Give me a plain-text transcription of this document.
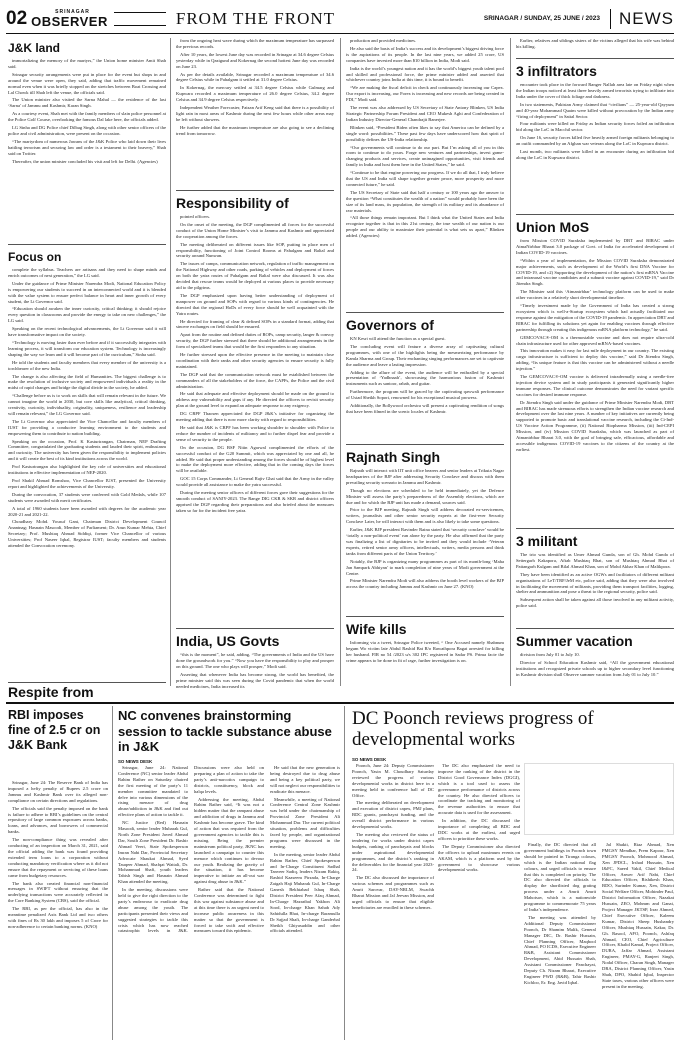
02	SRINAGAR
OBSERVER	FROM THE FRONT	SRINAGAR / SUNDAY, 25 JUNE / 2023	NEWS
J&K land

immortalizing the memory of the martyrs,” the Union home minister Amit Shah said.

Srinagar security arrangements were put in place for the event but shops in and around the venue were open, they said, adding that traffic movement remained normal even when it was briefly stopped on the stretches between Boat Crossing and Lal Chowk till Shah left the venue, the officials said.

The Union minister also visited the Sarna Mahal — the residence of the last ‘Sarna’ of Jammu and Kashmir, Karan Singh.

As a courtesy event, Shah met with the family members of slain police personnel at the Police Golf Course, overlooking the famous Dal lake here, the officials added.

LG Sinha and DG Police chief Dilbag Singh, along with other senior officers of the police and civil administration, were present on the occasion.

“The martyrdom of numerous Jawans of the J&K Police who laid down their lives battling terrorism and securing law and order is a testament to their bravery,” Shah said on Twitter.

Thereafter, the union minister concluded his visit and left for Delhi. (Agencies)

Focus on

complete the syllabus. Teachers are artisans and they need to shape minds and enrich outcomes of next generation,” the LG said.

Under the guidance of Prime Minister Narendra Modi, National Education Policy is empowering our students to succeed in an interconnected world and it is blended with the value system to ensure perfect balance in heart and inner growth of every student, the Lt Governor said.

“Education should awaken the inner curiosity, critical thinking; it should rejoice every question in classrooms and provide the energy to take on new challenges,” the LG said.

Speaking on the recent technological advancements, the Lt Governor said it will have transformative impact on the society.

“Technology is moving faster than ever before and if it successfully integrates with learning process, it will transform our education system. Technology is increasingly shaping the way we learn and it will become part of the curriculum,” Sinha said.

He told the students and faculty members that every member of the university is a torchbearer of the new India.

The change is also affecting the field of Humanities. The biggest challenge is to make the resolution of inclusive society and empowered individuals a reality in the midst of rapid changes and bridge the digital divide in the society, he added.

“Challenge before us is to work on skills that will remain relevant in the future. We cannot imagine the world in 2030, but core skills like analytical, critical thinking, creativity, curiosity, individuality, originality, uniqueness, resilience and leadership will remain relevant,” the LG Governor said.

The Lt Governor also appreciated the Vice Chancellor and faculty members of IUST for providing a conducive learning environment to the students and empowering them to contribute to nation building.

Speaking on the occasion, Prof. K Kasturirangan, Chairman, NEP Drafting Committee, congratulated the graduating students and lauded their spirit, enthusiasm and curiosity. The university has been given the responsibility to implement policies and it will create the best of its kind institutions across the world.

Prof Kasturirangan also highlighted the key role of universities and educational institutions in effective implementation of NEP-2020.

Prof Shakil Ahmad Romshoo, Vice Chancellor IUST, presented the University report and highlighted the achievements of the University.

During the convocation, 37 students were conferred with Gold Medals, while 107 students were awarded with merit certificates.

A total of 1960 students have been awarded with degrees for the academic year 2020-21 and 2021-22.

Choudhary Mohd. Yousuf Gani, Chairman District Development Council Anantnag; Hasnain Masoodi, Member of Parliament; Dr. Arun Kumar Mehta, Chief Secretary; Prof. Mushtaq Ahmad Siddiqi, former Vice Chancellor of various Universities; Prof Naseer Iqbal, Registrar IUST; faculty members and students attended the Convocation ceremony.

from the ongoing heat wave during which the maximum temperature has surpassed the previous records.

After 10 years, the lowest June day was recorded in Srinagar at 34.6 degree Celsius yesterday while in Qazigund and Kokernag the second hottest June day was recorded on June 23.

As per the details available, Srinagar recorded a maximum temperature of 34.6 degree Celsius while in Pahalgam it settled at 31.0 degree Celsius.

In Kokernag, the mercury settled at 34.5 degree Celsius while Gulmarg and Kupwara recorded a maximum temperature of 26.0 degree Celsius, 34.2 degree Celsius and 34.9 degree Celsius respectively.

Independent Weather Forecaster, Faizan Arif Keng said that there is a possibility of light rain in most areas of Kashmir during the next few hours while other areas may be left without showers.

He further added that the maximum temperature are also going to see a declining trend from tomorrow.

Responsibility of

pointed officers.

On the onset of the meeting, the DGP complimented all forces for the successful conduct of the Union Home Minister’s visit to Jammu and Kashmir and appreciated the cooperation among the forces.

The meeting deliberated on different issues like SOP, putting in place men of responsibility, functioning of Joint Control Rooms at Pahalgam and Baltal and security around Nunwan.

The issues of camps, communication network, regulation of traffic management on the National Highway and other roads, parking of vehicles and deployment of forces on both the yatra routes of Pahalgam and Baltal were also discussed. It was also decided that rescue teams would be deployed at various places to provide necessary aid to the pilgrims.

The DGP emphasized upon having better understanding of deployment of manpower on ground and SOPs with regard to various kinds of contingencies. He directed that the regional HoDs of every force should be well acquainted with the Yatra routes.

He directed for framing of clear & defined SOPs in a standard format, adding that sincere exchanges on field should be ensured.

Apart from the routine and defined duties of ROPs, camp security, langer & convoy security, the DGP further stressed that there should be additional arrangements in the form of specialized teams that would be the first responders to any situation.

He further stressed upon the effective presence in the meeting to maintain close coordination with their ranks and other security agencies to ensure security is fully maintained.

The DGP said that the communication network must be established between the commanders of all the stakeholders of the force, the CAPFs, the Police and the civil administration.

He said that adequate and effective deployment should be made on the ground to address any vulnerability and gaps if any. He directed the officers to revisit security plan at the ground level to expand an adequate response to any exigency.

DG CRPF Thaosen appreciated the DGP J&K’s initiative for organizing the meeting adding that there is now more clarity with regard to responsibilities.

He said that J&K is CRPF has been working shoulder to shoulder with Police to reduce the number of incidents of militancy and to further dispel fear and provide a sense of security to the people.

On the occasion, DG BSF Nitin Agarwal complimented the efforts of the successful conduct of the G20 Summit, which was appreciated by one and all, he added. He said that proper understanding among the forces should be of highest level to make the deployment more effective, adding that in the coming days the forces will be available.

GOC 15 Corps Commander, Lt General Rajiv Ghai said that the Army in the valley would provide all assistance to make the yatra successful.

During the meeting senior officers of different forces gave their suggestions for the smooth conduct of SANJY-2023. The Range DIG CKR & SKR and district officers apprised the DGP regarding their preparations and also briefed about the measures taken so far for the incident free yatra.

India, US Govts

“this is the moment”, he said, adding, “The governments of India and the US have done the groundwork for you.” “Now you have the responsibility to play and prosper on this ground. The one who plays will prosper,” Modi said.

Asserting that whenever India has become strong, the world has benefited, the prime minister said this was seen during the Covid pandemic that when the world needed medicines, India increased its

production and provided medicines.

He also said the basis of India’s success and its development’s biggest driving force is the aspirations of its people. In the last nine years, we added 25 crore, US companies have invested more than $10 billion in India, Modi said.

India is the world’s youngest nation and it has the world’s biggest youth talent pool and skilled and professional force, the prime minister added and asserted that whichever country joins India at this time, it is bound to benefit.

“We are making the fiscal deficit in check and continuously increasing our Capex. Our export is increasing, our Forex is increasing and new records are being created in FDI,” Modi said.

The event was also addressed by US Secretary of State Antony Blinken, US India Strategic Partnership Forum President and CEO Mukesh Aghi and Confederation of Indian Industry Director-General Chandrajit Banerjee.

Blinken said, “President Biden often likes to say that America can be defined by a single word: possibilities.” These past few days have underscored how that spirit of possibility defines the US-India relationship.

“Our governments will continue to do our part. But I’m asking all of you in this room to continue to do yours. Forge new ventures and partnerships, invest game-changing products and services, create unimagined opportunities, visit friends and family in India and host them here in the United States,” he said.

“Continue to be that engine powering our progress. If we do all that, I truly believe that the US and India will shape together greater peace, more prosperity and more connected future,” he said.

The US Secretary of State said that half a century or 100 years ago the answer to the question “What constitutes the wealth of a nation” would probably have been the size of its land mass, its population, the strength of its military and its abundance of raw materials.

“All those things remain important. But I think what the United States and India recognize together is that in this 21st century, the true wealth of our nation is our people and our ability to maximize their potential is what sets us apart,” Blinken added. (Agencies)

Governors of

KN Kesri will attend the function as a special guest.

The concluding event will feature a diverse array of captivating cultural programmes, with one of the highlights being the mesmerizing performance by Kamla Sharma and Group. Their enchanting singing performances are set to captivate the audience and leave a lasting impression.

Adding to the allure of the event, the audience will be enthralled by a special presentation of ‘Yadhnaah’, showcasing the harmonious fusion of Kashmiri instruments such as santoor, rabab, and guitar.

Furthermore, the program will be graced by the captivating qawwali performance of Ustad Sheikh Sopori, renowned for his exceptional musical prowess.

Additionally, the Bollywood orchestra will present a captivating rendition of songs that have been filmed in the scenic locales of Kashmir.

Rajnath Singh

Rajnath will interact with IIT unit office bearers and senior leaders at Trikuta Nagar headquarters of the BJP after addressing Security Conclave and discuss with them prevailing security scenario in Jammu and Kashmir.

Though no elections are scheduled to be held immediately, yet the Defence Minister will assess the party’s preparedness of the Assembly elections, which are due and for which the BJP unit has made a demand, sources said.

Prior to the BJP meeting, Rajnath Singh will address decorated ex-servicemen, writers, journalists and other senior security experts at the first-ever Security Conclave Later, he will interact with them and is also likely to take some questions.

Earlier, J&K BJP president Ravinder Raina stated that ‘security conclave’ would be ‘totally a non-political event’ run alone by the party. He also affirmed that the party was finalizing a list of dignitaries to be invited and they would include ‘Veteran experts, retired senior army officers, intellectuals, writers, media persons and think tanks from different parts of the Union Territory.’

Notably, the BJP is organizing many programmes as part of its month-long ‘Maha Jan Sampark Abhiyan’ to mark completion of nine years of Modi government at the Centre.

Prime Minister Narendra Modi will also address the booth level workers of the BJP across the country including Jammu and Kashmir on June 27. (KNO)

Wife kills

Informing via a tweet, Srinagar Police tweeted, “ One Accused namely Shabnum begum Wo victim late Abdul Rashid Bat R/o Rawathpora Bagat arrested for killing her husband. FIR no 54 /2023 u/s 302 IPC registered in Sadar PS. Prima facie the crime appears to be done in fit of rage, further investigation is on.

Earlier, relatives and siblings sisters of the victims alleged that his wife was behind his killing.

3 infiltrators

encounter took place in the forward Ranger Nallah area late on Friday night when the Indian troops noticed at least three heavily armed terrorists trying to infiltrate into India under the cover of thick foliage and darkness.

In two statements, Pakistan Army claimed that “civilians” — 25-year-old Qayyum and 40-year Mohammad Quaim were killed without provocation by the Indian army “firing of deployment” in Sattal Sector.

Four militants were killed on Friday as Indian security forces foiled an infiltration bid along the LoC in Macchil sector.

On June 16, security forces killed five heavily armed foreign militants belonging to an outfit commanded by an Afghan war veteran along the LoC in Kupwara district.

Last month, two militants were killed in an encounter during an infiltration bid along the LoC in Kupwara district.

Union MoS

from Mission COVID Suraksha implemented by DBT and BIRAC under AtmaNirbhar Bharat 3.0 package of Govt. of India for accelerated development of Indian COVID-19 vaccines.

“Within a year of implementation, the Mission COVID Suraksha demonstrated major achievements, such as development of the World’s first DNA Vaccine for COVID-19, and c2) Supporting the development of the nation’s first mRNA Vaccine and intranasal vaccine candidates and a subunit vaccine against COVID-19,” said Dr Jitendra Singh.

The Minister said this ‘Atmanirbhar’ technology platform can be used to make other vaccines in a relatively short developmental timeline.

“Timely investment made by the Government of India has created a strong ecosystem which is well-a-Startup ecosystem which had actually facilitated our response against the mitigation of the COVID-19 pandemic. In appreciation DBT and BIRAC for fulfilling its solutions yet again for enabling vaccines through effective partnership through creating this indigenous mRNA platform technology,” he said.

GEMCOVAC®-OM is a thermostable vaccine and does not require ultra-cold chain infrastructure used for other approved mRNA-based vaccines.

This innovation makes it easy for last mile deployment in our country. The existing cargo infrastructure is sufficient to deploy this vaccine,” said Dr Jitendra Singh, adding, “Its unique feature is that this vaccine can be administered without a needle injection.”

The GEMCOVAC®-OM vaccine is delivered intradermally using a needle-free injection device system and in study participants it generated significantly higher immune responses. The clinical outcome demonstrates the need for variant specific vaccines for desired immune response.

Dr Jitendra Singh said under the guidance of Prime Minister Narendra Modi, DBT and BIRAC has made strenuous efforts to strengthen the Indian vaccine research and development over the last nine years. A number of key initiatives are currently being supported to promote basic and translational vaccine research, including the Ci-Ind-US Vaccine Action Programme, (ii) National Biopharma Mission, (iii) Ind-CEPI Mission, and (iv) Mission COVID Suraksha, which was launched as part of Atmanirbhar Bharat 3.0, with the goal of bringing safe, efficacious, affordable and accessible indigenous COVID-19 vaccines to the citizens of the country at the earliest.

3 militant

The trio was identified as Umer Ahmad Gunda, son of Gh. Mohd Gunda of Settergarh Kakapora, Aftab Mushtaq Bhat, son of Mushtaq Ahmad Bhat of Pattangarh Kulgam and Bilal Ahmad Khan, son of Mohd Akbar Khan of Malikpora.

They have been identified as an active OGWs and facilitators of different militant organisations of LeT/TRF/JeM etc, police said, adding that they were also involved in facilitating the movement of militants, providing them transport facilities, logging, shelter and ammunition and pose a threat to the regional security, police said.

Subsequent action shall be taken against all those involved in any militant activity, police said.

Summer vacation

division from July 01 to July 10.

Director of School Education Kashmir said, “All the government educational institutions and recognized private schools up to higher secondary level functioning in Kashmir division shall Observe summer vacation from July 01 to July 10.”

Respite from
RBI imposes fine of 2.5 cr on J&K Bank

Srinagar, June 24: The Reserve Bank of India has imposed a hefty penalty of Rupees 2.5 crore on Jammu and Kashmir Bank over its alleged non-compliance on certain directions and regulations.

The officials said the penalty imposed on the bank is failure to adhere to RBI’s guidelines on the central repository of large common exposures across banks, loans, and advances, and borrowers of commercial banks.

The non-compliance thing was revealed after conducting of an inspection on March 31, 2021, said the official adding the bank was found providing extended term loans to a corporation without conducting mandatory verification where as it did not ensure that the repayment or servicing of these loans came from budgetary resources.

The bank also created financial non-financial messages in SWIFT without ensuring that the underlying transactions were accurately reflected in the Core Banking System (CBS), said the official.

The RBI, as per the official, has also in the meantime penalized Axis Bank Ltd and two others with fines of Rs 30 lakh and imposes 5 of Crore for non-adherence to certain banking norms. (KNO)

NC convenes brainstorming session to tackle substance abuse in J&K
SO NEWS DESK

Srinagar, June 24: National Conference (NC) senior leader Abdul Rahim Rather on Saturday chaired the first meeting of the party’s 11 member committee mandated to delve into various dimensions of the rising menace of drug abuse/addiction in J&K and find out effective plans of action to tackle it.

NC Justice (Red) Hasnain Masoodi, senior leader Mubarak Gul, North Zone President Javed Ahmad Dar, South Zone President Dr. Bashir Ahmad Veeri, State Spokesperson Imran Nabi Dar, Provincial Secretary Advocate Shaukat Ahmad, Syed Tauqeer Ahmad, Shafqat Wattali, Dr. Mohammad Shafi, youth leaders Tabish Singh and Hasnain Ahmad Khan attended the meeting.

In the meeting, discussions were held to give the right direction to the party’s endeavour to eradicate drug abuse among the youth. The participants presented their views and suggested strategies to tackle this crisis which has now reached catastrophic levels in J&K. Discussions were also held on preparing a plan of action to take the party’s anti-narcotics campaign to districts, constituency, block and halqa levels.

Addressing the meeting, Abdul Rahim Rather said, “It was not a hidden matter that the rampant abuse and addiction of drugs in Jammu and Kashmir has become grave. The kind of action that was required from the government agencies to tackle this is missing. Being the premier mainstream political party, JKNC has launched a campaign to counter this menace which continues to devour our youth. Realizing the gravity of the situation, it has become imperative to initiate an all-out war against drug abuse in J&K.”

Rather said that the National Conference was determined to fight this war against substance abuse and at this time there is an urgent need to increase public awareness in this matter so that the government is forced to take swift and effective measures toward this epidemic.

He said that the new generation is being destroyed due to drug abuse and being a key political party, we will not neglect our responsibilities to eradicate this menace.

Meanwhile, a meeting of National Conference Central Zone Kashmir was held under the chairmanship of Provincial Zone President Ali Mohammad Dar. The current political situation, problems and difficulties faced by people, and organizational programs were discussed in the meeting.

In the meeting, senior leader Abdul Rahim Rather, Chief Spokesperson and In-Charge Constituent Sadhal Tanveer Sadiq, leaders Nizam Rakiq, Rashid Kaaseem Pirzada, In-Charge Zaigah Haji Mubarak Gul, In-Charge Ganesh Bekhiabad Ishaq Shah, District President Peer Afaq Ahmad, In-Charge Hazratbal Yakhon Ali Sood, In-charge Khan Sahab Ady Sahidulla Bhat, In-charge Baramulla Dr Sajjad Shafi, In-charge Ganderbal Sheikh Ghiyasuddin and other officials attended.

DC Poonch reviews progress of developmental works
SO NEWS DESK

Poonch, June 24: Deputy Commissioner Poonch, Yasin M. Choudhary Saturday reviewed the progress of various developmental works in district here in a meeting held in conference hall of DC Office.

The meeting deliberated on development and execution of district capex, PMJ plans, BDC grants, panchayat funding, and the overall district performance in various developmental works.

The meeting also reviewed the status of tendering for works under district capex budgets, ranking of panchayats and blocks under aspirational developmental programmes, and the district’s ranking in the deliverables for the financial year 2023-24.

The DC also discussed the importance of various schemes and programmes such as Amrit Sarovar, DAY-NRLM, Swachh Bharat Mission and Jal Jeevan Mission, and urged officials to ensure that eligible beneficiaries are enrolled in these schemes.

The DC also emphasized the need to improve the ranking of the district in the District Good Governance Index (DGGI), which is a tool used to assess the governance performance of districts across the country. He also directed officers to coordinate the tracking and monitoring of the revenue authorities to ensure that accurate data is used for the assessment.

In addition, the DC discussed the importance of completing all BDC and DDC works at the earliest, and urged officers to prioritize these works.

The Deputy Commissioner also directed the officers to upload maximum events on AKAM, which is a platform used by the government to showcase various developmental works.

Finally, the DC directed that all government buildings in Poonch town should be painted in Tiranga colours, which is the Indian national flag colours, and urged officials to ensure that this is completed on priority. The DC also directed the officials to display the shortlisted dog grating process under a Amrit Amrit Mahotsav, which is a nationwide programme to commemorate 75 years of India’s independence.

The meeting was attended by Additional Deputy Commissioner Poonch, Dr Shamim Malik, General Manager DIC, Dr. Bashir Hussain, Chief Planning Officer, Maqbool Ahmad, PO ICDS, Executive Engineer R&B, Assistant Commissioner Development, Abid Hussain Shah, Assistant Commissioner Panchayat, Deputy Ch. Nizam Bharat, Executive Engineer PWD (R&B), Tahir Bashir Kichloo, Er. Eng. Javid Iqbal.

Jal Shakti, Riaz Ahmad, Xen PMGSY Mendhar, Prem Kapoor, Xen PMGSY Poonch, Mohmood Ahmad, Xen JPDCL, Irshad Hussain, Xen I&FC, Saeed Vakil, Chief Medical Officer, Anwer Arif Nabi, Chief Education Officer, Rishikesh Khan, BDO, Surinder Kumar, Xen, District Social Welfare Officer, Mohinder Paul, District Information Officer, Nazakat Hussain, ZEO, Mohmm and Ganai, Project Manager JKTSP, Irrar Ahmed, Chief Executive Officer, Kaleem Kumar, District Sheep Husbandry Officer, Mushtaq Hussain, Kakar, Dr. Gh. Rasool, AFO, Poonch, Ashfaq Ahmad, CEO, Chief Agriculture Officer, Khalid Kamal, Project Officer, DURA, Jaffar Ahmad, Assistant Engineer, PMAY-G, Ranjeet Singh, Nodal Officer, Charan Singh, Manager DRA, District Planning Officer, Yasin Shah, DPO, Shahid Iqbal, Inspector State taxes, various other officers were present in the meeting.
